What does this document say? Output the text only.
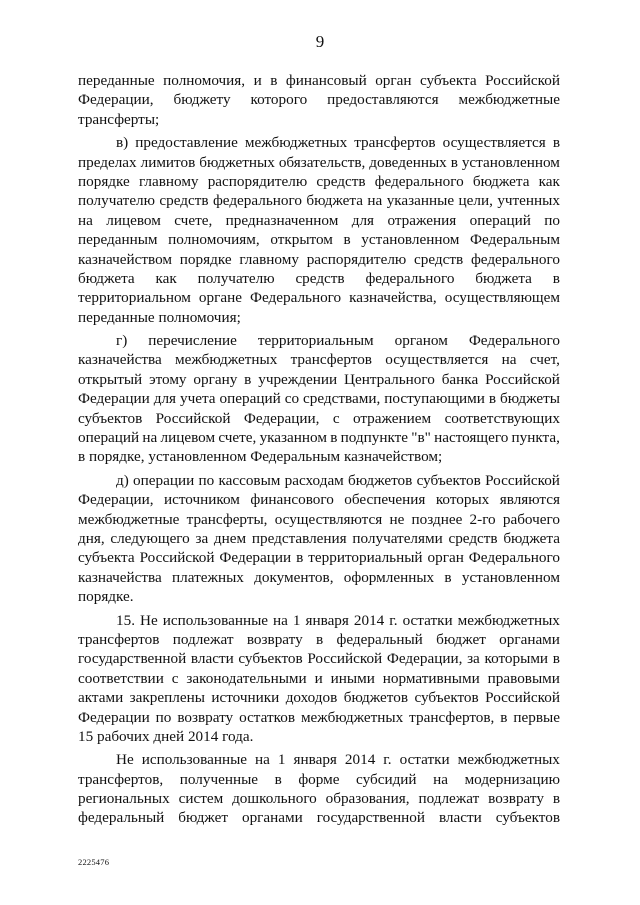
9
переданные полномочия, и в финансовый орган субъекта Российской
Федерации, бюджету которого предоставляются межбюджетные
трансферты;
в) предоставление межбюджетных трансфертов осуществляется в
пределах лимитов бюджетных обязательств, доведенных в установленном
порядке главному распорядителю средств федерального бюджета как
получателю средств федерального бюджета на указанные цели, учтенных
на лицевом счете, предназначенном для отражения операций по
переданным полномочиям, открытом в установленном Федеральным
казначейством порядке главному распорядителю средств федерального
бюджета как получателю средств федерального бюджета в
территориальном органе Федерального казначейства, осуществляющем
переданные полномочия;
г) перечисление территориальным органом Федерального
казначейства межбюджетных трансфертов осуществляется на счет,
открытый этому органу в учреждении Центрального банка Российской
Федерации для учета операций со средствами, поступающими в бюджеты
субъектов Российской Федерации, с отражением соответствующих
операций на лицевом счете, указанном в подпункте "в" настоящего пункта,
в порядке, установленном Федеральным казначейством;
д) операции по кассовым расходам бюджетов субъектов Российской
Федерации, источником финансового обеспечения которых являются
межбюджетные трансферты, осуществляются не позднее 2-го рабочего
дня, следующего за днем представления получателями средств бюджета
субъекта Российской Федерации в территориальный орган Федерального
казначейства платежных документов, оформленных в установленном
порядке.
15. Не использованные на 1 января 2014 г. остатки межбюджетных
трансфертов подлежат возврату в федеральный бюджет органами
государственной власти субъектов Российской Федерации, за которыми в
соответствии с законодательными и иными нормативными правовыми
актами закреплены источники доходов бюджетов субъектов Российской
Федерации по возврату остатков межбюджетных трансфертов, в первые
15 рабочих дней 2014 года.
Не использованные на 1 января 2014 г. остатки межбюджетных
трансфертов, полученные в форме субсидий на модернизацию
региональных систем дошкольного образования, подлежат возврату в
федеральный бюджет органами государственной власти субъектов
2225476
